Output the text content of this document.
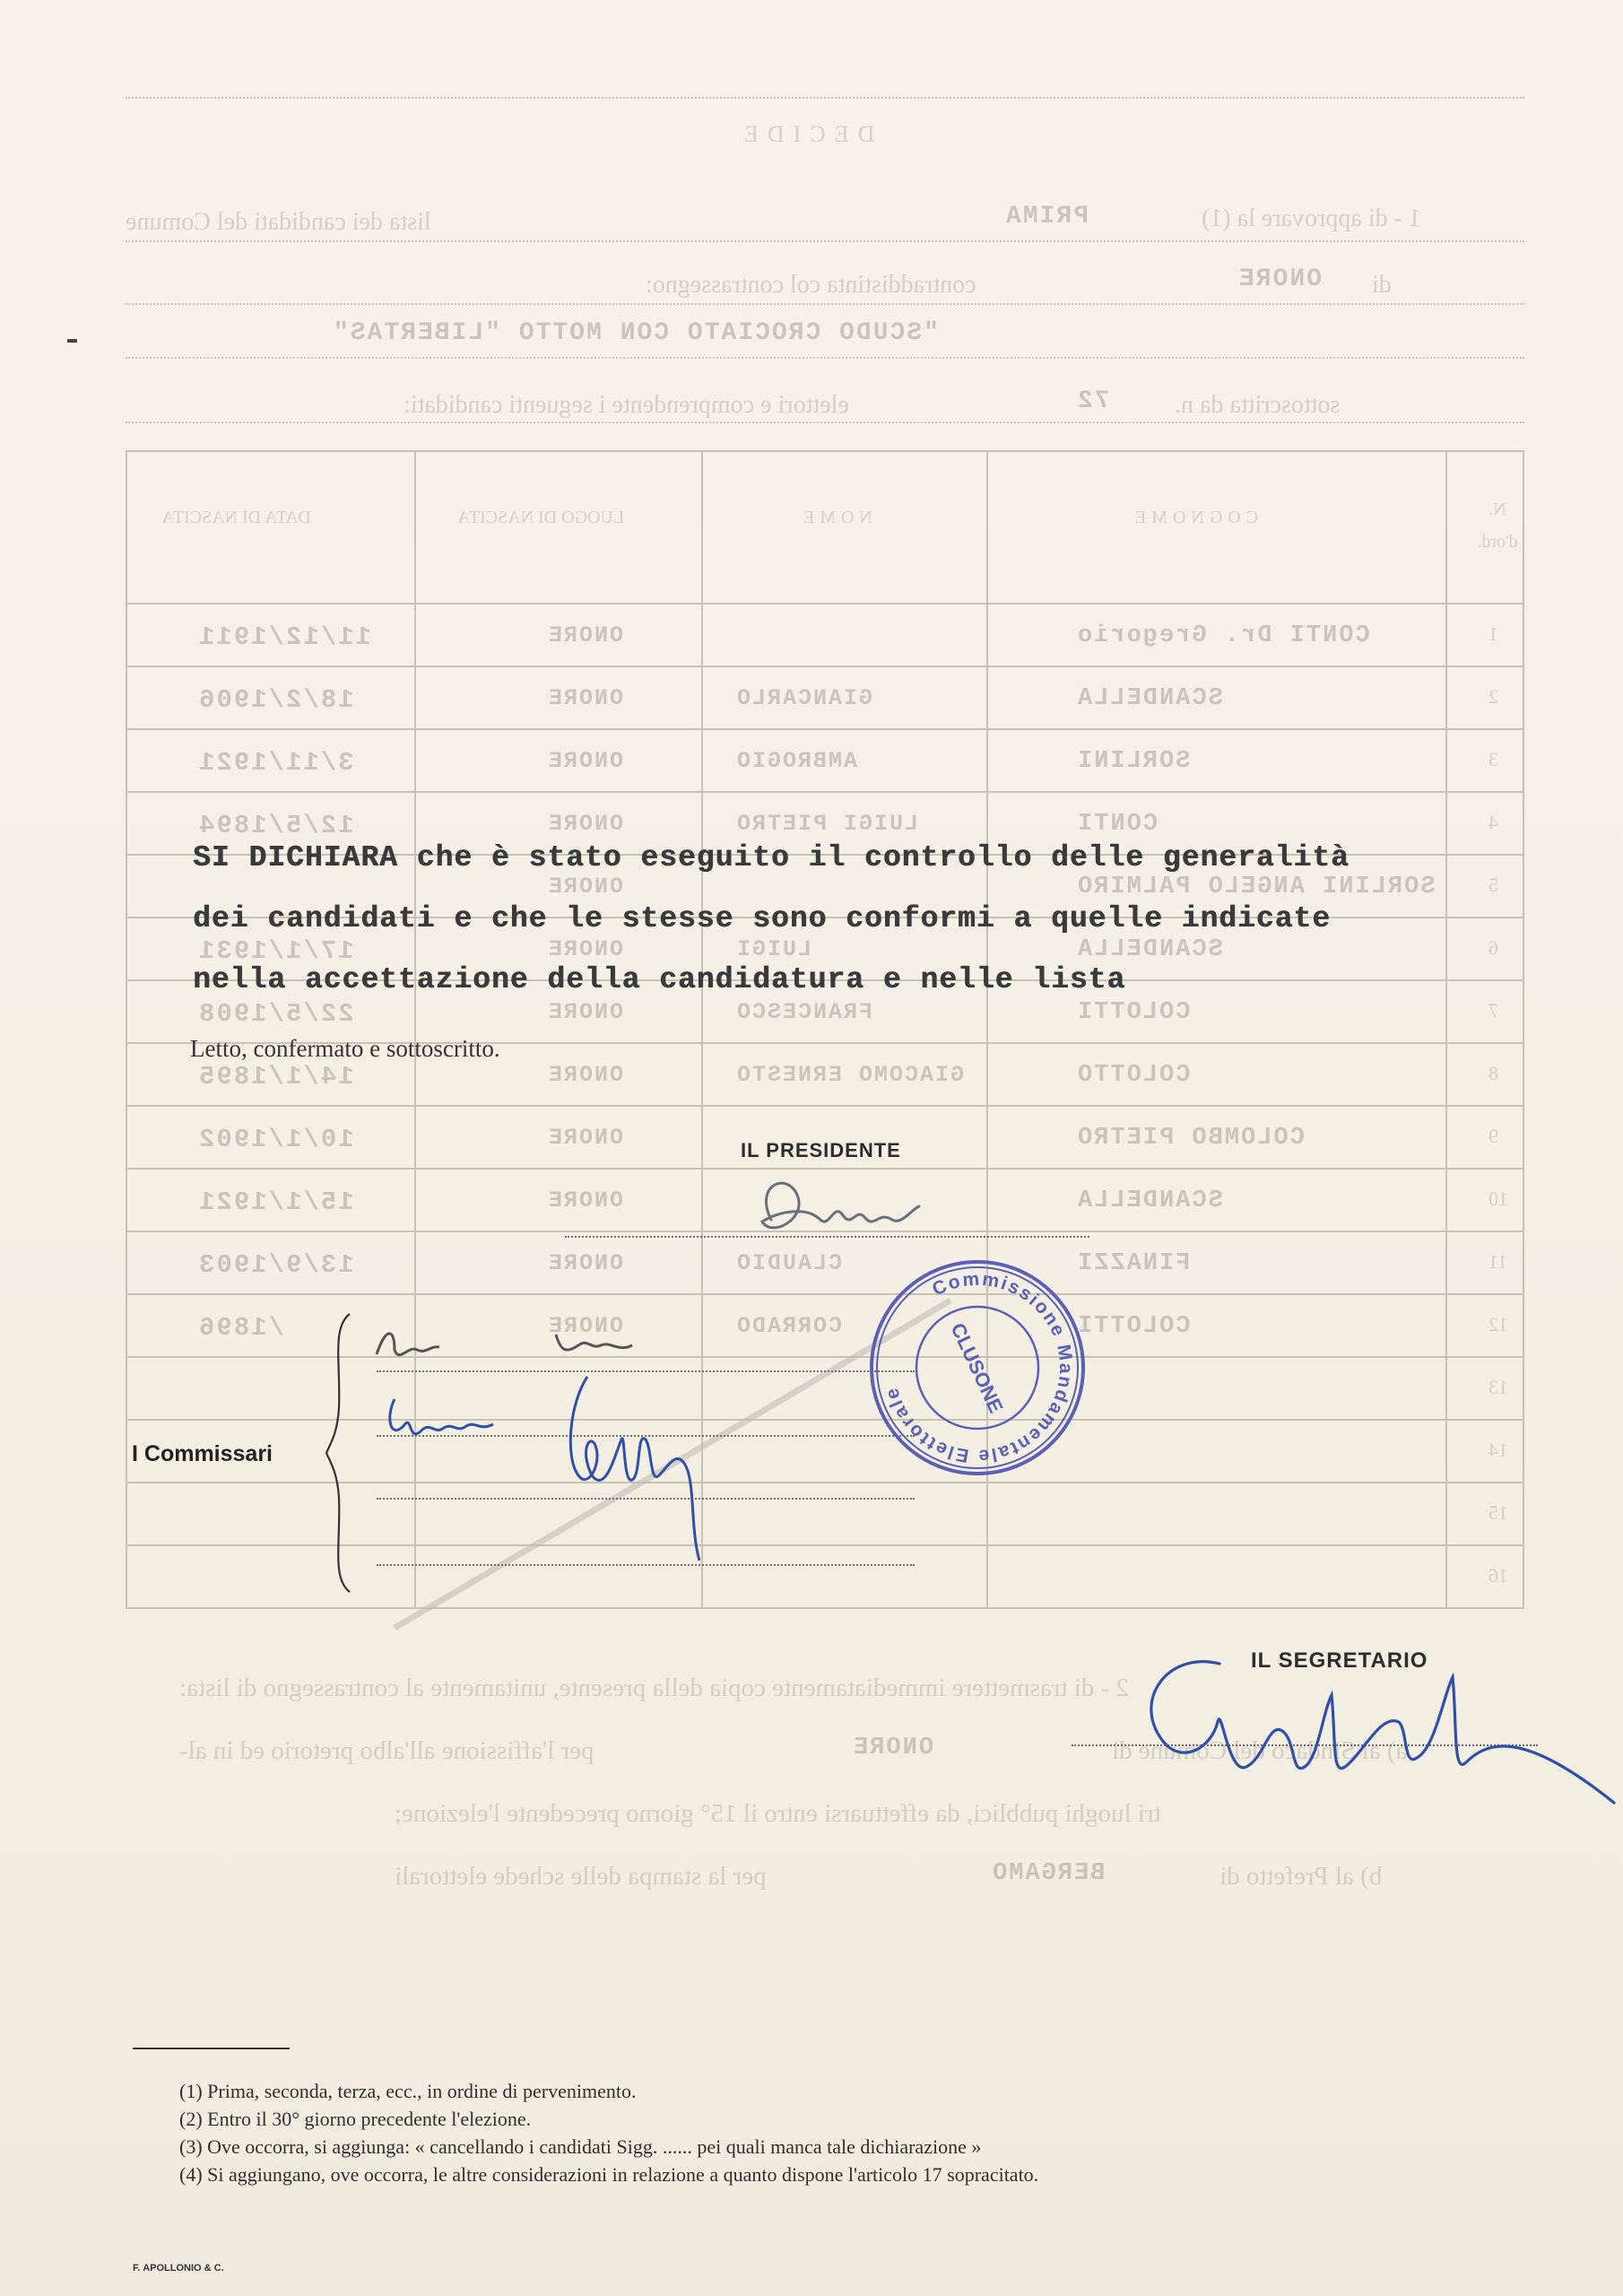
DECIDE
1 - di approvare la (1)
PRIMA
lista dei candidati del Comune
di
ONORE
contraddistinta col contrassegno:
"SCUDO CROCIATO CON MOTTO "LIBERTAS"
sottoscritta da n.
72
elettori e comprendente i seguenti candidati:
N. d'ord.
COGNOME
NOME
LUOGO DI NASCITA
DATA DI NASCITA
1
CONTI Dr. Gregorio
ONORE
11/12/1911
2
SCANDELLA
GIANCARLO
ONORE
18/2/1906
3
SORLINI
AMBROGIO
ONORE
3/11/1921
4
CONTI
LUIGI PIETRO
ONORE
12/5/1894
5
SORLINI ANGELO PALMIRO
ONORE
6
SCANDELLA
LUIGI
ONORE
17/1/1931
7
COLOTTI
FRANCESCO
ONORE
22/5/1908
8
COLOTTO
GIACOMO ERNESTO
ONORE
14/1/1895
9
COLOMBO PIETRO
ONORE
10/1/1902
10
SCANDELLA
ONORE
15/1/1921
11
FINAZZI
CLAUDIO
ONORE
13/9/1903
12
COLOTTI
CORRADO
ONORE
/1896
13
14
15
16
2 - di trasmettere immediatamente copia della presente, unitamente al contrassegno di lista:
a) al Sindaco del Comune di
ONORE
per l'affissione all'albo pretorio ed in al-
tri luoghi pubblici, da effettuarsi entro il 15° giorno precedente l'elezione;
b) al Prefetto di
BERGAMO
per la stampa delle schede elettorali
SI DICHIARA che è stato eseguito il controllo delle generalità
dei candidati e che le stesse sono conformi a quelle indicate
nella accettazione della candidatura e nelle lista
Letto, confermato e sottoscritto.
IL PRESIDENTE
I Commissari
Commissione Mandamentale Elettorale	CLUSONE
IL SEGRETARIO
(1) Prima, seconda, terza, ecc., in ordine di pervenimento.
(2) Entro il 30° giorno precedente l'elezione.
(3) Ove occorra, si aggiunga: « cancellando i candidati Sigg. ...... pei quali manca tale dichiarazione »
(4) Si aggiungano, ove occorra, le altre considerazioni in relazione a quanto dispone l'articolo 17 sopracitato.
F. APOLLONIO & C.
